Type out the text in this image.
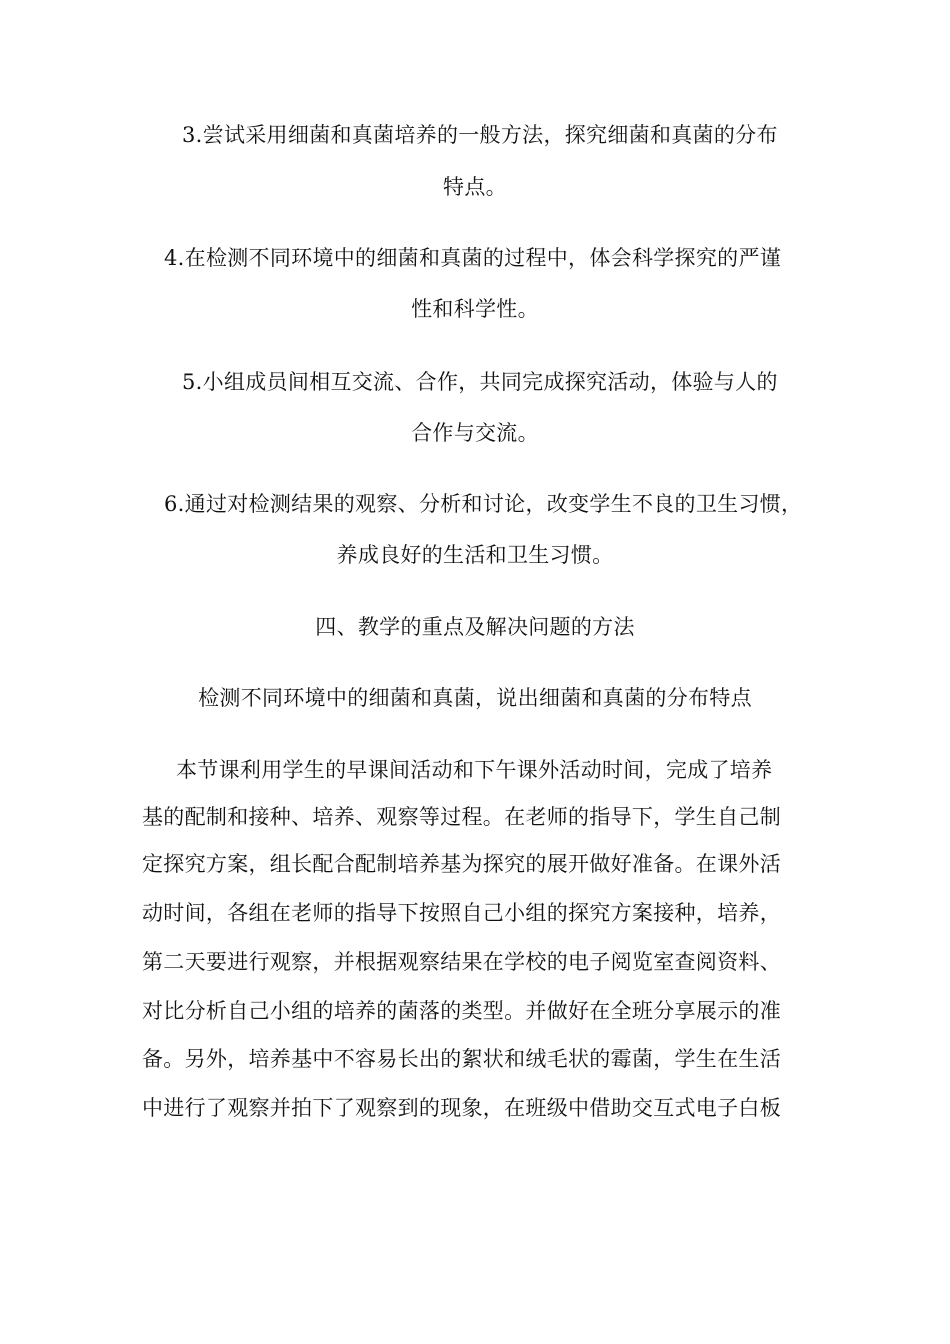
3.尝试采用细菌和真菌培养的一般方法，探究细菌和真菌的分布
特点。
4.在检测不同环境中的细菌和真菌的过程中，体会科学探究的严谨
性和科学性。
5.小组成员间相互交流、合作，共同完成探究活动，体验与人的
合作与交流。
6.通过对检测结果的观察、分析和讨论，改变学生不良的卫生习惯，
养成良好的生活和卫生习惯。
四、教学的重点及解决问题的方法
检测不同环境中的细菌和真菌，说出细菌和真菌的分布特点
本节课利用学生的早课间活动和下午课外活动时间，完成了培养
基的配制和接种、培养、观察等过程。在老师的指导下，学生自己制
定探究方案，组长配合配制培养基为探究的展开做好准备。在课外活
动时间，各组在老师的指导下按照自己小组的探究方案接种，培养，
第二天要进行观察，并根据观察结果在学校的电子阅览室查阅资料、
对比分析自己小组的培养的菌落的类型。并做好在全班分享展示的准
备。另外，培养基中不容易长出的絮状和绒毛状的霉菌，学生在生活
中进行了观察并拍下了观察到的现象，在班级中借助交互式电子白板
